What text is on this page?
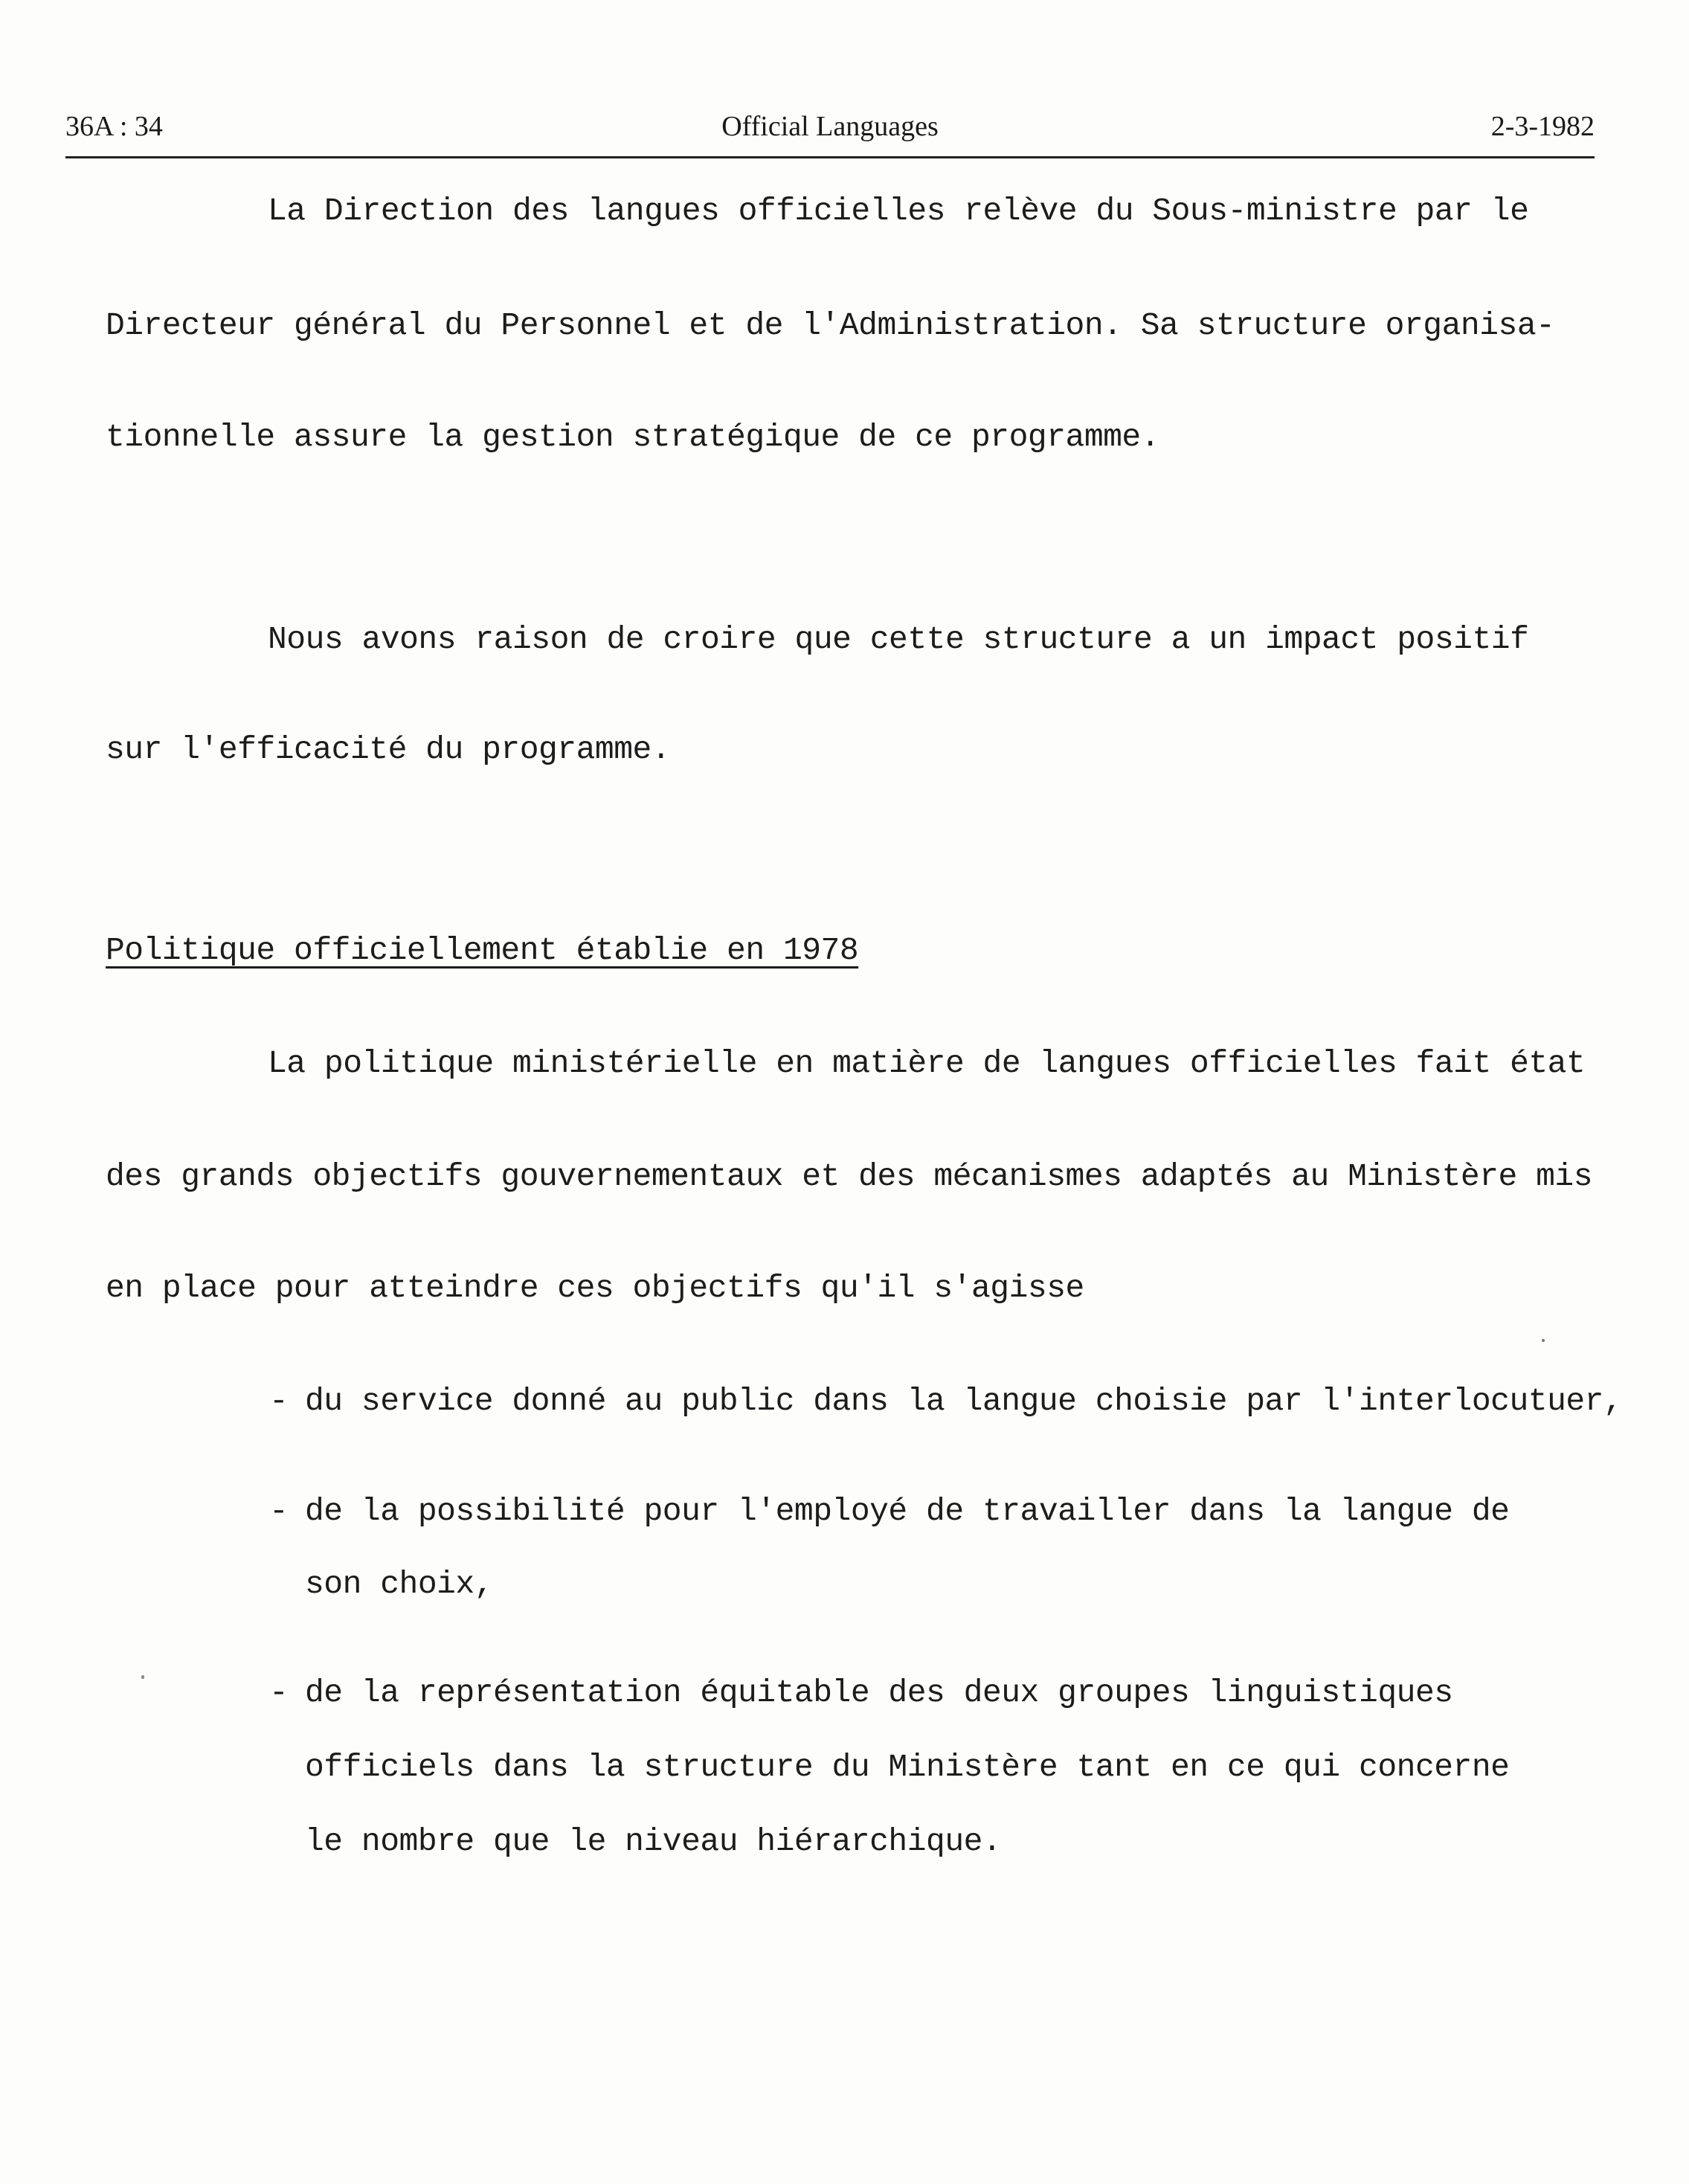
36A : 34	Official Languages	2-3-1982
La Direction des langues officielles relève du Sous-ministre par le
Directeur général du Personnel et de l'Administration. Sa structure organisa-
tionnelle assure la gestion stratégique de ce programme.
Nous avons raison de croire que cette structure a un impact positif
sur l'efficacité du programme.
Politique officiellement établie en 1978
La politique ministérielle en matière de langues officielles fait état
des grands objectifs gouvernementaux et des mécanismes adaptés au Ministère mis
en place pour atteindre ces objectifs qu'il s'agisse
- du service donné au public dans la langue choisie par l'interlocutuer,
- de la possibilité pour l'employé de travailler dans la langue de
son choix,
- de la représentation équitable des deux groupes linguistiques
officiels dans la structure du Ministère tant en ce qui concerne
le nombre que le niveau hiérarchique.
